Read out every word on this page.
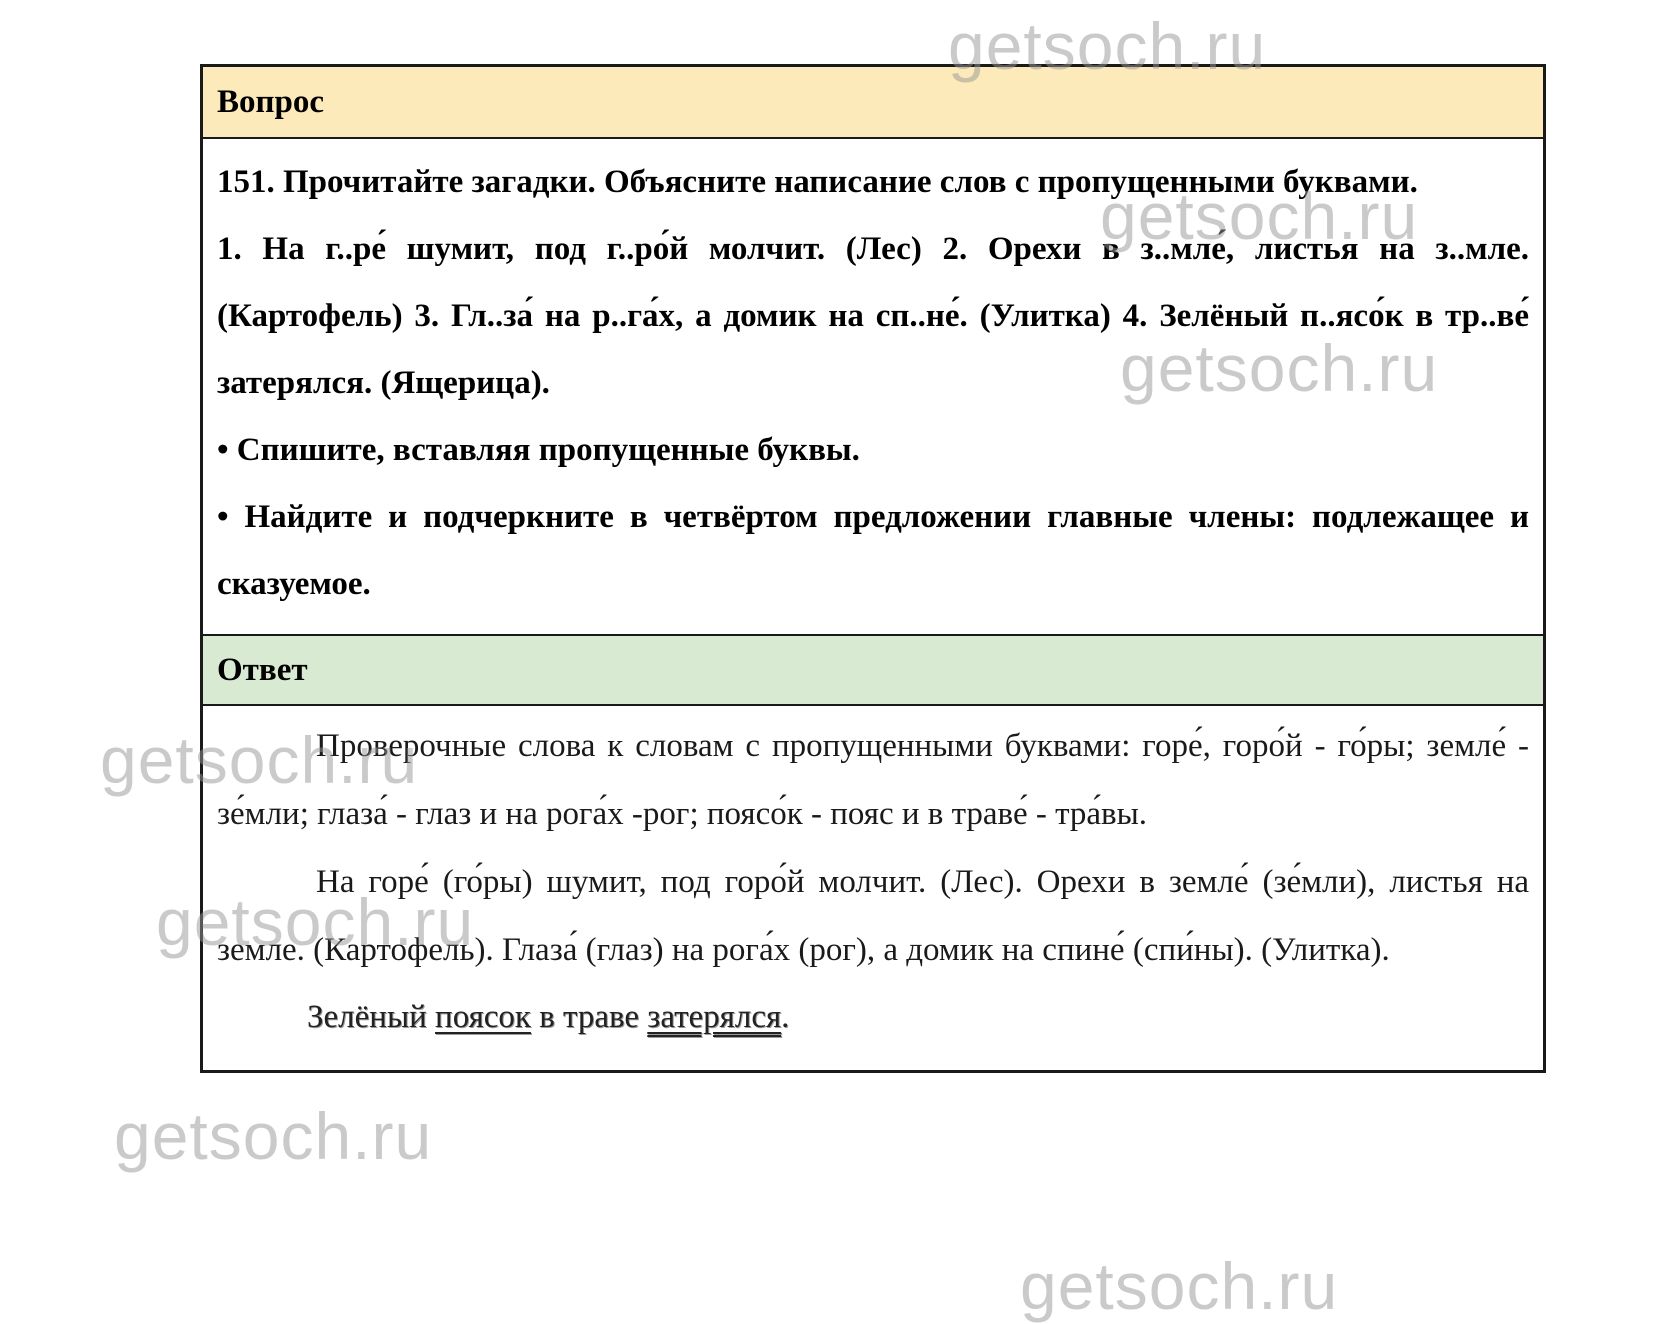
Вопрос

151. Прочитайте загадки. Объясните написание слов с пропущенными буквами.

1. На г..ре́ шумит, под г..ро́й молчит. (Лес) 2. Орехи в з..мле́, листья на з..мле. (Картофель) 3. Гл..за́ на р..га́х, а домик на сп..не́. (Улитка) 4. Зелёный п..ясо́к в тр..ве́ затерялся. (Ящерица).

• Спишите, вставляя пропущенные буквы.

• Найдите и подчеркните в четвёртом предложении главные члены: подлежащее и сказуемое.

Ответ

Проверочные слова к словам с пропущенными буквами: горе́, горо́й - го́ры; земле́ - зе́мли; глаза́ - глаз и на рога́х -рог; поясо́к - пояс и в траве́ - тра́вы.

На горе́ (го́ры) шумит, под горо́й молчит. (Лес). Орехи в земле́ (зе́мли), листья на земле. (Картофель). Глаза́ (глаз) на рога́х (рог), а домик на спине́ (спи́ны). (Улитка).

Зелёный поясок в траве затерялся.

getsoch.ru
getsoch.ru
getsoch.ru
getsoch.ru
getsoch.ru
getsoch.ru
getsoch.ru
